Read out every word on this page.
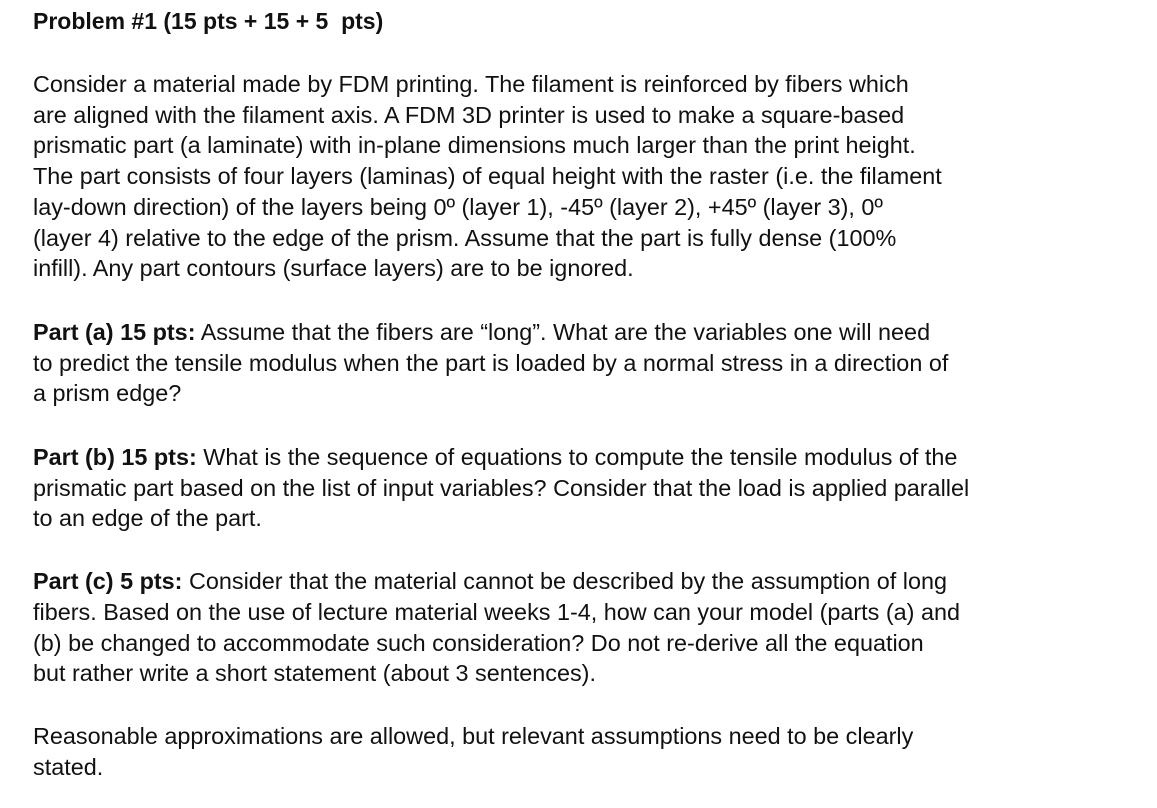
Problem #1 (15 pts + 15 + 5  pts)

Consider a material made by FDM printing. The filament is reinforced by fibers which
are aligned with the filament axis. A FDM 3D printer is used to make a square-based
prismatic part (a laminate) with in-plane dimensions much larger than the print height.
The part consists of four layers (laminas) of equal height with the raster (i.e. the filament
lay-down direction) of the layers being 0º (layer 1), -45º (layer 2), +45º (layer 3), 0º
(layer 4) relative to the edge of the prism. Assume that the part is fully dense (100%
infill). Any part contours (surface layers) are to be ignored.
Part (a) 15 pts: Assume that the fibers are “long”. What are the variables one will need
to predict the tensile modulus when the part is loaded by a normal stress in a direction of
a prism edge?
Part (b) 15 pts: What is the sequence of equations to compute the tensile modulus of the
prismatic part based on the list of input variables? Consider that the load is applied parallel
to an edge of the part.
Part (c) 5 pts: Consider that the material cannot be described by the assumption of long
fibers. Based on the use of lecture material weeks 1-4, how can your model (parts (a) and
(b) be changed to accommodate such consideration? Do not re-derive all the equation
but rather write a short statement (about 3 sentences).
Reasonable approximations are allowed, but relevant assumptions need to be clearly
stated.
